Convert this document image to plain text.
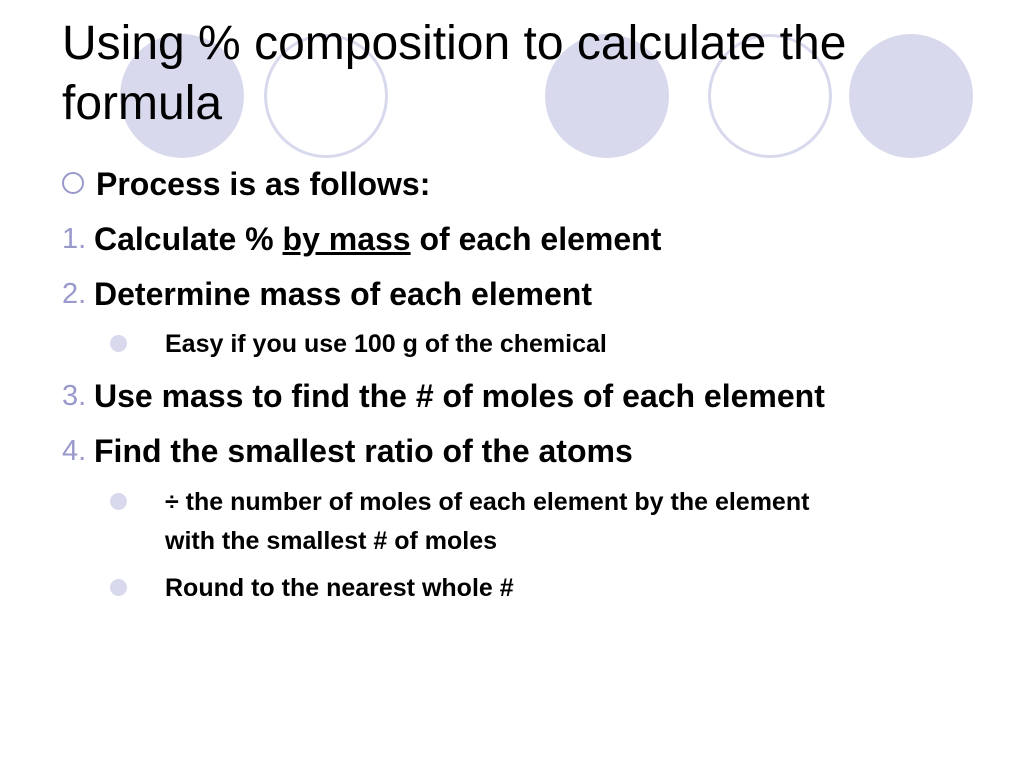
Using % composition to calculate the
formula
Process is as follows:
1. Calculate % by mass of each element
2. Determine mass of each element
Easy if you use 100 g of the chemical
3. Use mass to find the # of moles of each element
4. Find the smallest ratio of the atoms
÷ the number of moles of each element by the element
with the smallest # of moles
Round to the nearest whole #
